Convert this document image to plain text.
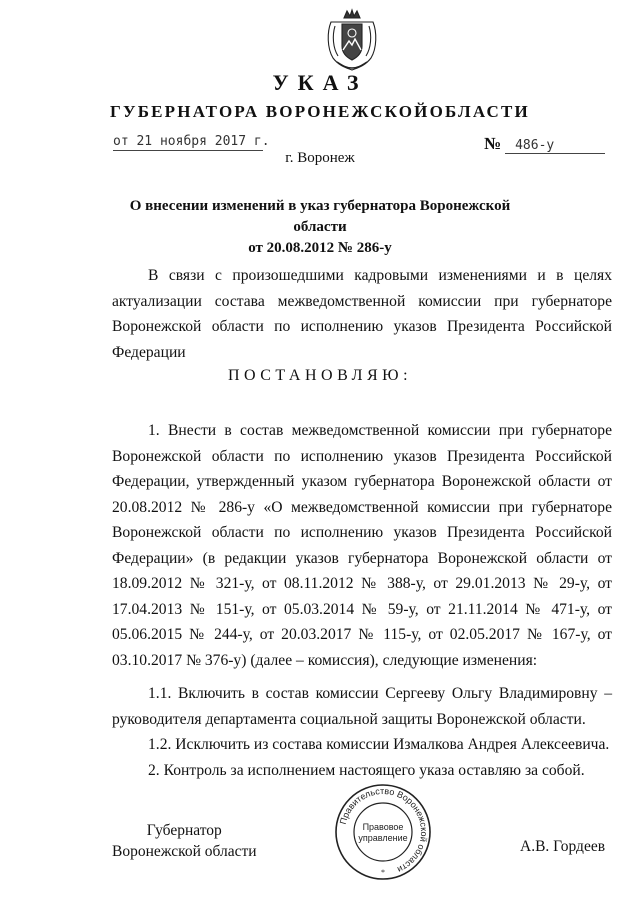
УКАЗ
ГУБЕРНАТОРА ВОРОНЕЖСКОЙОБЛАСТИ
от 21 ноября 2017 г.	№ 486-у
г. Воронеж
О внесении изменений в указ губернатора Воронежской области
от 20.08.2012 № 286-у
В связи с произошедшими кадровыми изменениями и в целях актуализации состава межведомственной комиссии при губернаторе Воронежской области по исполнению указов Президента Российской Федерации
ПОСТАНОВЛЯЮ:
1. Внести в состав межведомственной комиссии при губернаторе Воронежской области по исполнению указов Президента Российской Федерации, утвержденный указом губернатора Воронежской области от 20.08.2012 № 286-у «О межведомственной комиссии при губернаторе Воронежской области по исполнению указов Президента Российской Федерации» (в редакции указов губернатора Воронежской области от 18.09.2012 № 321-у, от 08.11.2012 № 388-у, от 29.01.2013 № 29-у, от 17.04.2013 № 151-у, от 05.03.2014 № 59-у, от 21.11.2014 № 471-у, от 05.06.2015 № 244-у, от 20.03.2017 № 115-у, от 02.05.2017 № 167-у, от 03.10.2017 № 376-у) (далее – комиссия), следующие изменения:
1.1. Включить в состав комиссии Сергееву Ольгу Владимировну – руководителя департамента социальной защиты Воронежской области.
1.2. Исключить из состава комиссии Измалкова Андрея Алексеевича.
2. Контроль за исполнением настоящего указа оставляю за собой.
Губернатор
Воронежской области	А.В. Гордеев
Правительство Воронежской области
Правовое
управление
*
